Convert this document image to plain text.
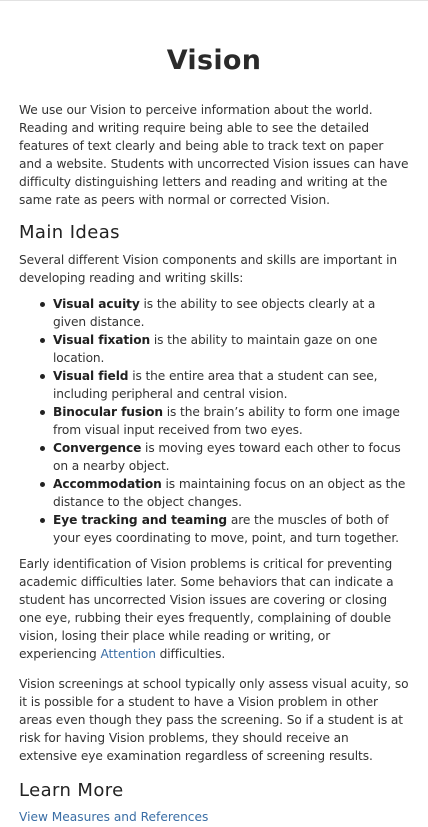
Vision

We use our Vision to perceive information about the world. Reading and writing require being able to see the detailed features of text clearly and being able to track text on paper and a website. Students with uncorrected Vision issues can have difficulty distinguishing letters and reading and writing at the same rate as peers with normal or corrected Vision.

Main Ideas

Several different Vision components and skills are important in developing reading and writing skills:

Visual acuity is the ability to see objects clearly at a given distance.
Visual fixation is the ability to maintain gaze on one location.
Visual field is the entire area that a student can see, including peripheral and central vision.
Binocular fusion is the brain’s ability to form one image from visual input received from two eyes.
Convergence is moving eyes toward each other to focus on a nearby object.
Accommodation is maintaining focus on an object as the distance to the object changes.
Eye tracking and teaming are the muscles of both of your eyes coordinating to move, point, and turn together.

Early identification of Vision problems is critical for preventing academic difficulties later. Some behaviors that can indicate a student has uncorrected Vision issues are covering or closing one eye, rubbing their eyes frequently, complaining of double vision, losing their place while reading or writing, or experiencing Attention difficulties.

Vision screenings at school typically only assess visual acuity, so it is possible for a student to have a Vision problem in other areas even though they pass the screening. So if a student is at risk for having Vision problems, they should receive an extensive eye examination regardless of screening results.

Learn More
View Measures and References
